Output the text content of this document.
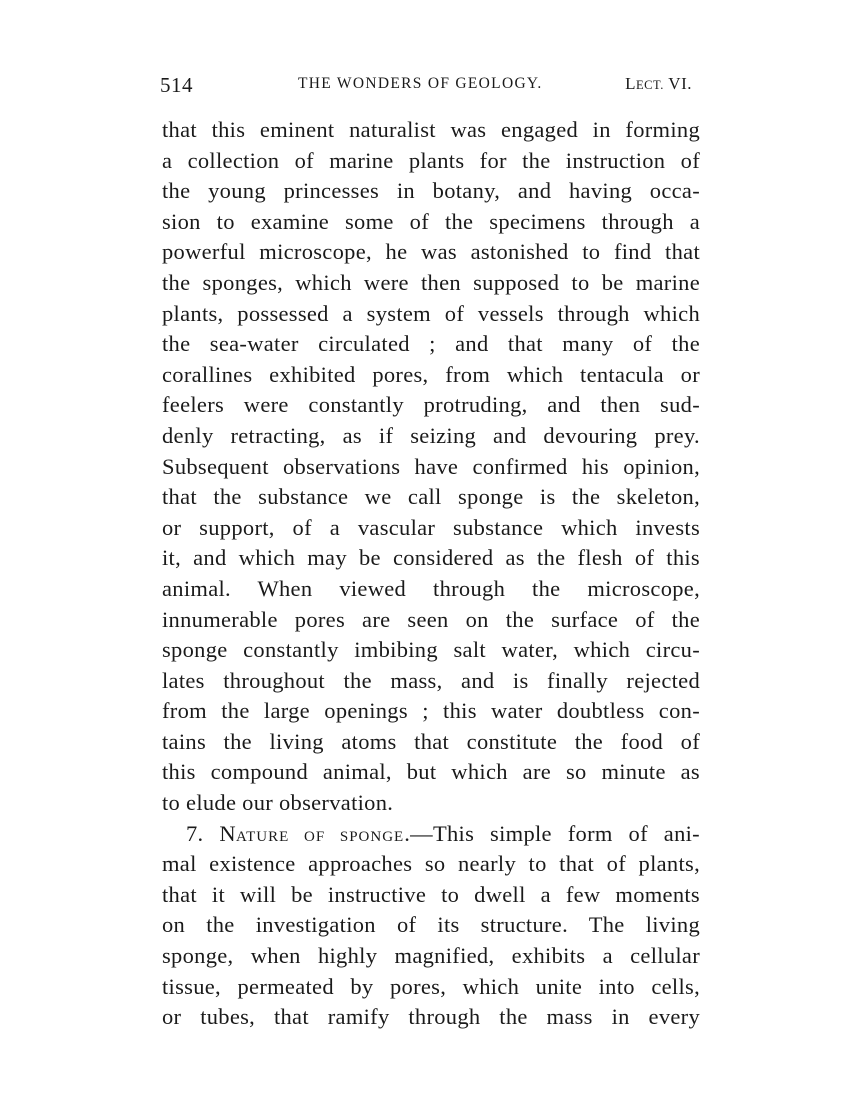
514	THE WONDERS OF GEOLOGY.	LECT. VI.
that this eminent naturalist was engaged in forming
a collection of marine plants for the instruction of
the young princesses in botany, and having occa-
sion to examine some of the specimens through a
powerful microscope, he was astonished to find that
the sponges, which were then supposed to be marine
plants, possessed a system of vessels through which
the sea-water circulated ; and that many of the
corallines exhibited pores, from which tentacula or
feelers were constantly protruding, and then sud-
denly retracting, as if seizing and devouring prey.
Subsequent observations have confirmed his opinion,
that the substance we call sponge is the skeleton,
or support, of a vascular substance which invests
it, and which may be considered as the flesh of this
animal. When viewed through the microscope,
innumerable pores are seen on the surface of the
sponge constantly imbibing salt water, which circu-
lates throughout the mass, and is finally rejected
from the large openings ; this water doubtless con-
tains the living atoms that constitute the food of
this compound animal, but which are so minute as
to elude our observation.
7. NATURE OF SPONGE.—This simple form of ani-
mal existence approaches so nearly to that of plants,
that it will be instructive to dwell a few moments
on the investigation of its structure. The living
sponge, when highly magnified, exhibits a cellular
tissue, permeated by pores, which unite into cells,
or tubes, that ramify through the mass in every
